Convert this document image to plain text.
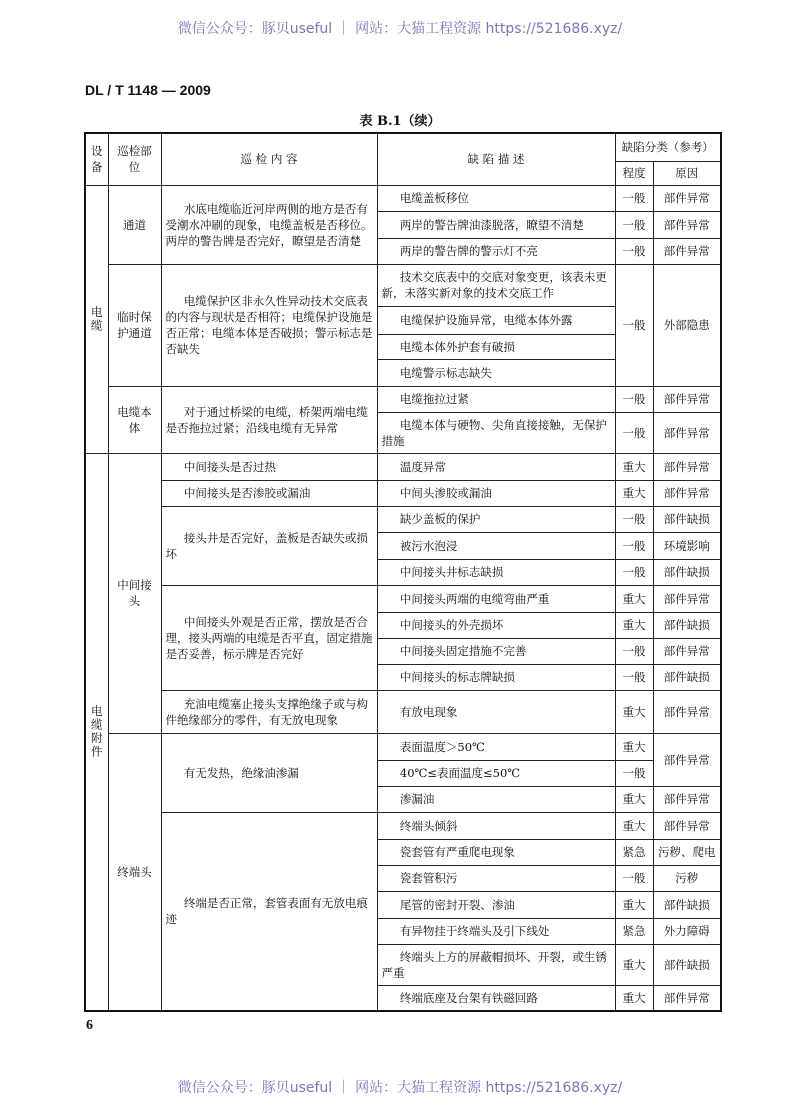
微信公众号：豚贝useful ｜ 网站：大猫工程资源 https://521686.xyz/
DL / T 1148 — 2009
表 B.1（续）
设备	巡检部位	巡 检 内 容	缺 陷 描 述	缺陷分类（参考）	
				程度	原因
电缆	通道	水底电缆临近河岸两侧的地方是否有受潮水冲刷的现象，电缆盖板是否移位。两岸的警告牌是否完好，瞭望是否清楚	电缆盖板移位	一般	部件异常
			两岸的警告牌油漆脱落，瞭望不清楚	一般	部件异常
			两岸的警告牌的警示灯不亮	一般	部件异常
	临时保护通道	电缆保护区非永久性异动技术交底表的内容与现状是否相符；电缆保护设施是否正常；电缆本体是否破损；警示标志是否缺失	技术交底表中的交底对象变更，该表未更新，未落实新对象的技术交底工作	一般	外部隐患
			电缆保护设施异常，电缆本体外露		
			电缆本体外护套有破损		
			电缆警示标志缺失		
	电缆本体	对于通过桥梁的电缆，桥架两端电缆是否拖拉过紧；沿线电缆有无异常	电缆拖拉过紧	一般	部件异常
			电缆本体与硬物、尖角直接接触，无保护措施	一般	部件异常
电缆附件	中间接头	中间接头是否过热	温度异常	重大	部件异常
		中间接头是否渗胶或漏油	中间头渗胶或漏油	重大	部件异常
		接头井是否完好，盖板是否缺失或损坏	缺少盖板的保护	一般	部件缺损
			被污水泡浸	一般	环境影响
			中间接头井标志缺损	一般	部件缺损
		中间接头外观是否正常，摆放是否合理，接头两端的电缆是否平直，固定措施是否妥善，标示牌是否完好	中间接头两端的电缆弯曲严重	重大	部件异常
			中间接头的外壳损坏	重大	部件缺损
			中间接头固定措施不完善	一般	部件异常
			中间接头的标志牌缺损	一般	部件缺损
		充油电缆塞止接头支撑绝缘子或与构件绝缘部分的零件，有无放电现象	有放电现象	重大	部件异常
	终端头	有无发热，绝缘油渗漏	表面温度＞50℃	重大	部件异常
			40℃≤表面温度≤50℃	一般	
			渗漏油	重大	部件异常
		终端是否正常，套管表面有无放电痕迹	终端头倾斜	重大	部件异常
			瓷套管有严重爬电现象	紧急	污秽、爬电
			瓷套管积污	一般	污秽
			尾管的密封开裂、渗油	重大	部件缺损
			有异物挂于终端头及引下线处	紧急	外力障碍
			终端头上方的屏蔽帽损坏、开裂，或生锈严重	重大	部件缺损
			终端底座及台架有铁磁回路	重大	部件异常
6
微信公众号：豚贝useful ｜ 网站：大猫工程资源 https://521686.xyz/
